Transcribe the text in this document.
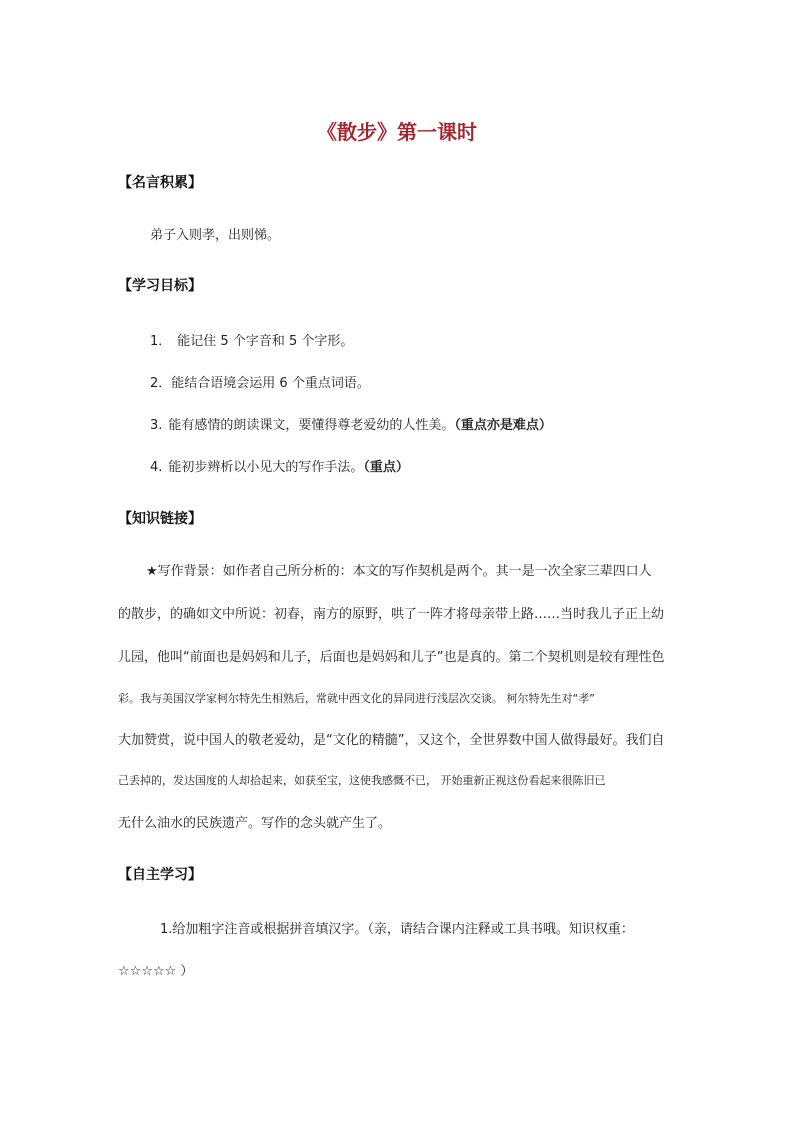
《散步》第一课时
【名言积累】
弟子入则孝，出则悌。
【学习目标】
1． 能记住 5 个字音和 5 个字形。
2．能结合语境会运用 6 个重点词语。
3. 能有感情的朗读课文，要懂得尊老爱幼的人性美。（重点亦是难点）
4. 能初步辨析以小见大的写作手法。（重点）
【知识链接】
★写作背景：如作者自己所分析的：本文的写作契机是两个。其一是一次全家三辈四口人
的散步，的确如文中所说：初春，南方的原野，哄了一阵才将母亲带上路……当时我儿子正上幼
儿园，他叫“前面也是妈妈和儿子，后面也是妈妈和儿子”也是真的。第二个契机则是较有理性色
彩。我与美国汉学家柯尔特先生相熟后，常就中西文化的异同进行浅层次交谈。 柯尔特先生对“孝”
大加赞赏，说中国人的敬老爱幼，是“文化的精髓”，又这个，全世界数中国人做得最好。我们自
己丢掉的，发达国度的人却拾起来，如获至宝，这使我感慨不已， 开始重新正视这份看起来很陈旧已
无什么油水的民族遗产。写作的念头就产生了。
【自主学习】
1.给加粗字注音或根据拼音填汉字。（亲，请结合课内注释或工具书哦。知识权重：
☆☆☆☆☆ ）
